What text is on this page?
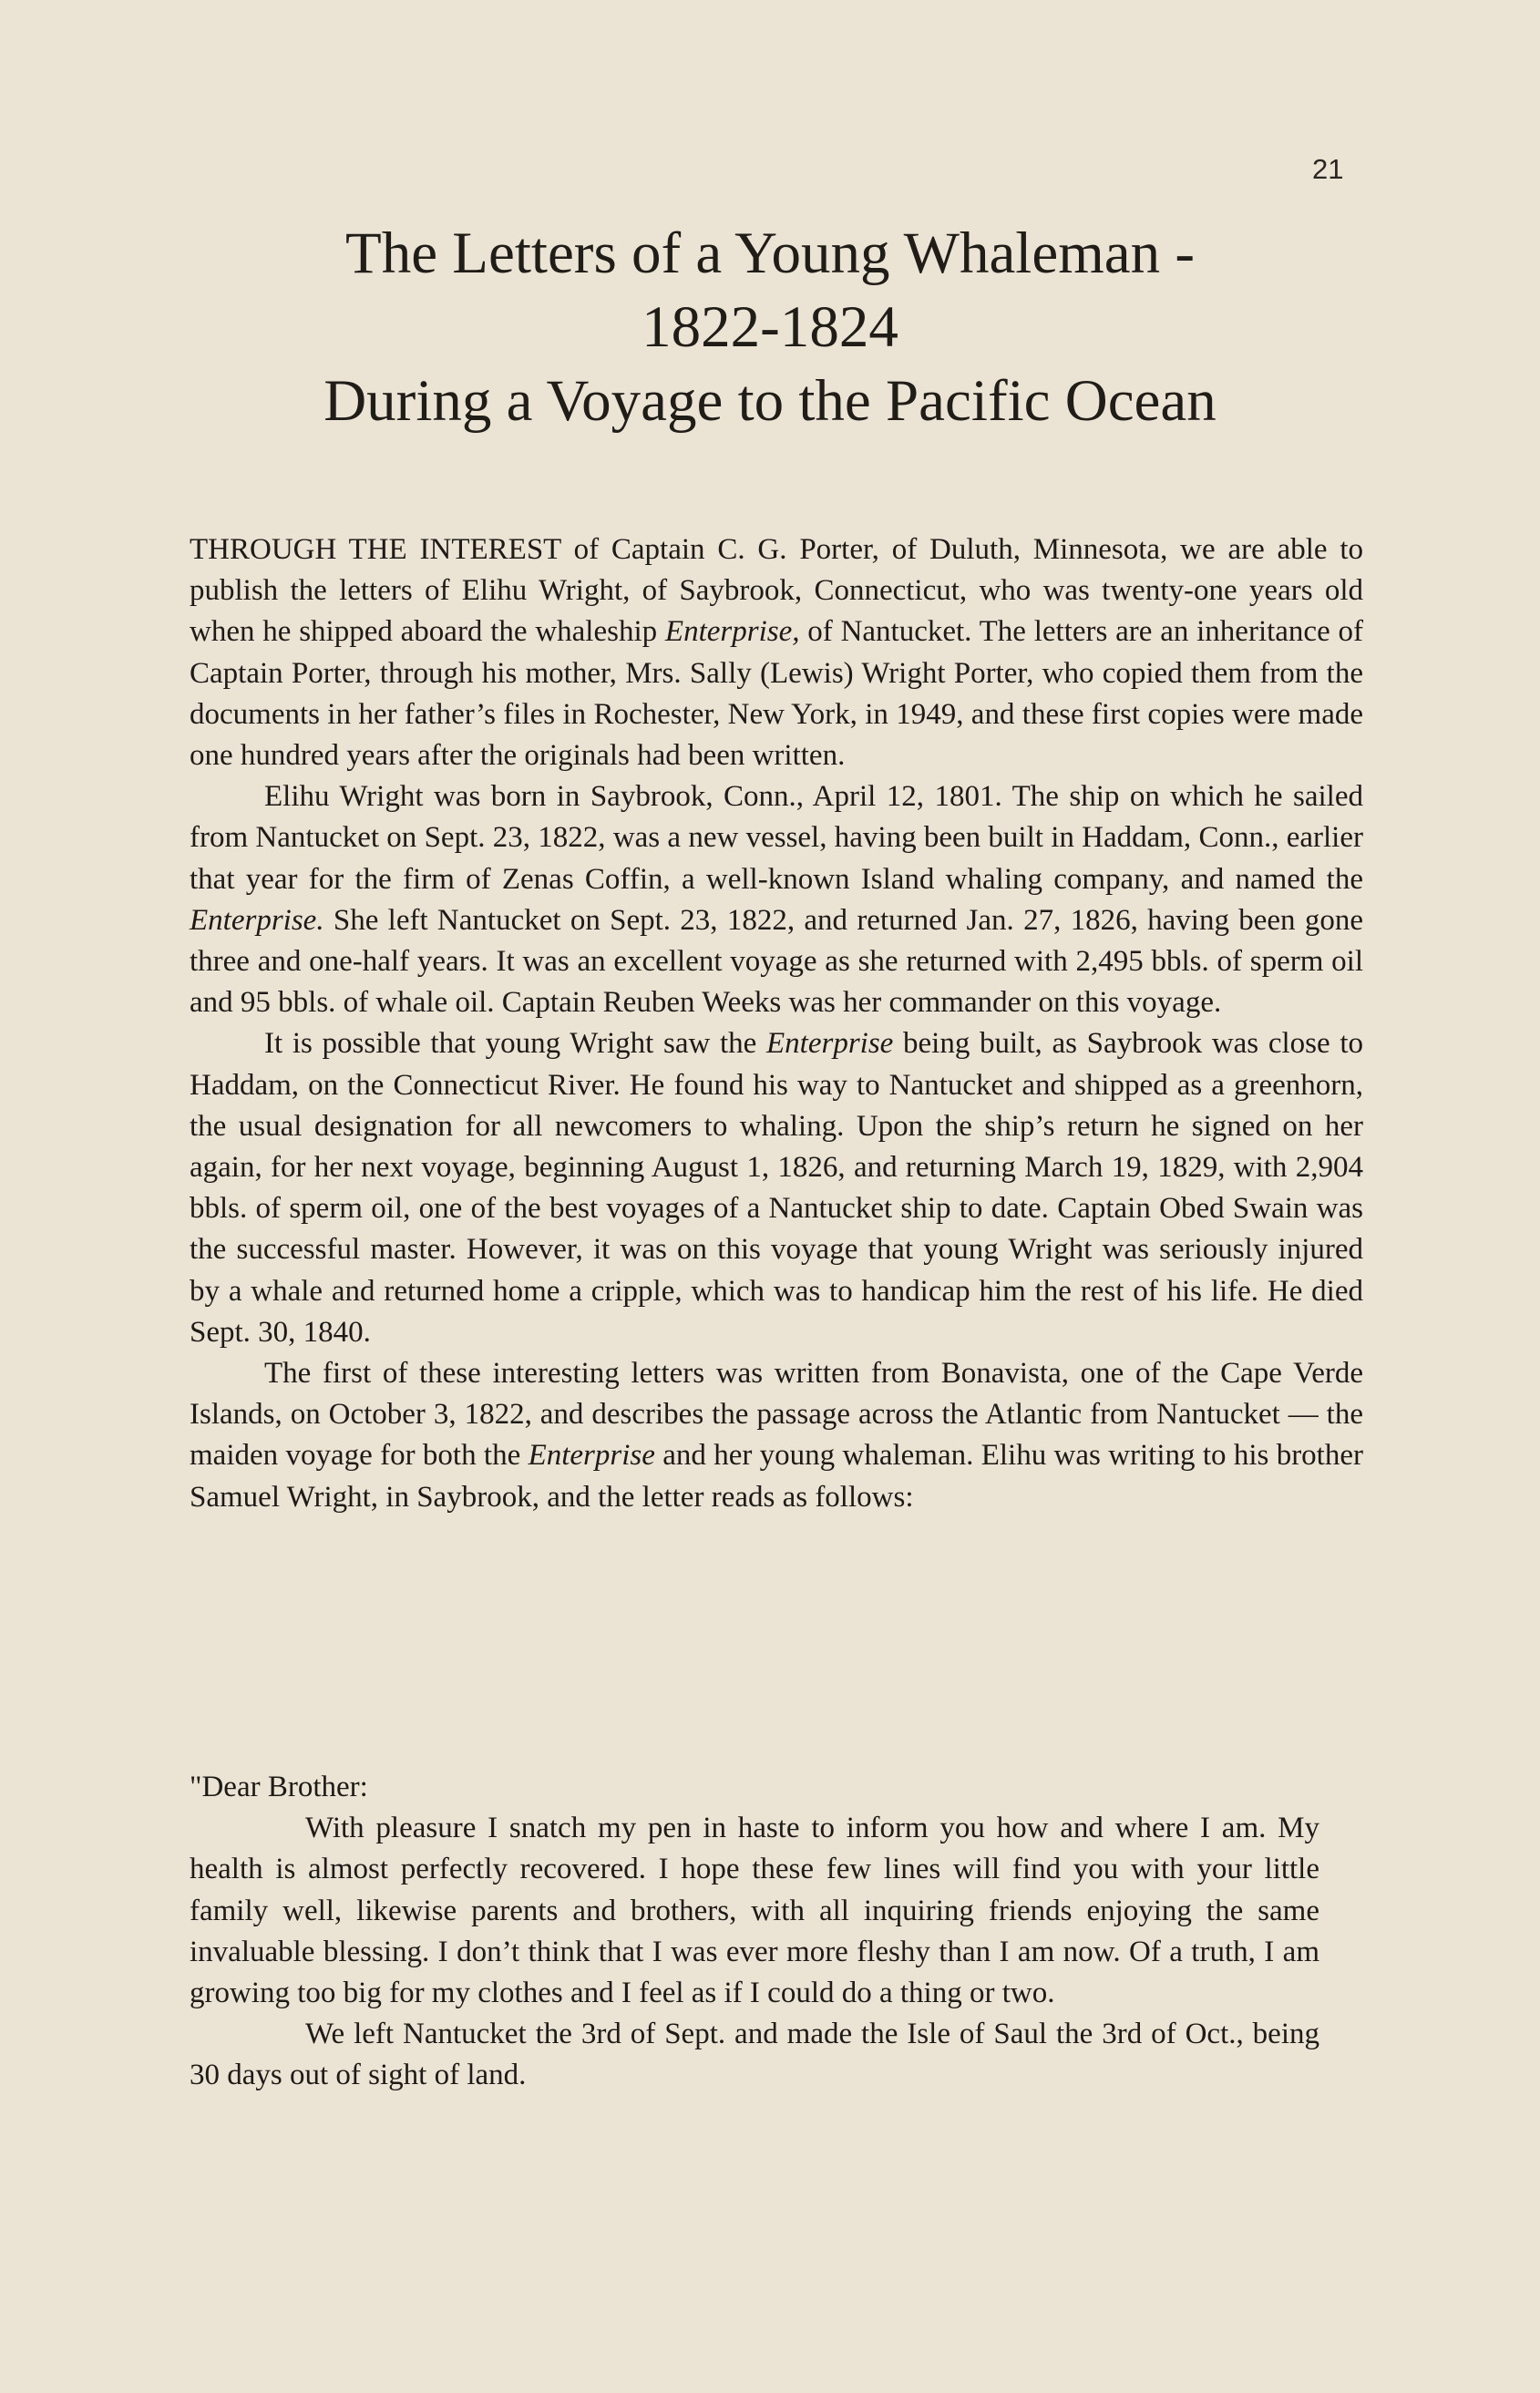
21
The Letters of a Young Whaleman -
1822-1824
During a Voyage to the Pacific Ocean

THROUGH THE INTEREST of Captain C. G. Porter, of Duluth, Minnesota, we are able to publish the letters of Elihu Wright, of Saybrook, Connecticut, who was twenty-one years old when he shipped aboard the whaleship Enterprise, of Nantucket. The letters are an inheritance of Captain Porter, through his mother, Mrs. Sally (Lewis) Wright Porter, who copied them from the documents in her father’s files in Rochester, New York, in 1949, and these first copies were made one hundred years after the originals had been written.

Elihu Wright was born in Saybrook, Conn., April 12, 1801. The ship on which he sailed from Nantucket on Sept. 23, 1822, was a new vessel, having been built in Haddam, Conn., earlier that year for the firm of Zenas Coffin, a well-known Island whaling company, and named the Enterprise. She left Nantucket on Sept. 23, 1822, and returned Jan. 27, 1826, having been gone three and one-half years. It was an excellent voyage as she returned with 2,495 bbls. of sperm oil and 95 bbls. of whale oil. Captain Reuben Weeks was her commander on this voyage.

It is possible that young Wright saw the Enterprise being built, as Saybrook was close to Haddam, on the Connecticut River. He found his way to Nantucket and shipped as a greenhorn, the usual designation for all newcomers to whaling. Upon the ship’s return he signed on her again, for her next voyage, beginning August 1, 1826, and returning March 19, 1829, with 2,904 bbls. of sperm oil, one of the best voyages of a Nantucket ship to date. Captain Obed Swain was the successful master. However, it was on this voyage that young Wright was seriously injured by a whale and returned home a cripple, which was to handicap him the rest of his life. He died Sept. 30, 1840.

The first of these interesting letters was written from Bonavista, one of the Cape Verde Islands, on October 3, 1822, and describes the passage across the Atlantic from Nantucket — the maiden voyage for both the Enterprise and her young whaleman. Elihu was writing to his brother Samuel Wright, in Saybrook, and the letter reads as follows:

"Dear Brother:

With pleasure I snatch my pen in haste to inform you how and where I am. My health is almost perfectly recovered. I hope these few lines will find you with your little family well, likewise parents and brothers, with all inquiring friends enjoying the same invaluable blessing. I don’t think that I was ever more fleshy than I am now. Of a truth, I am growing too big for my clothes and I feel as if I could do a thing or two.

We left Nantucket the 3rd of Sept. and made the Isle of Saul the 3rd of Oct., being 30 days out of sight of land.
